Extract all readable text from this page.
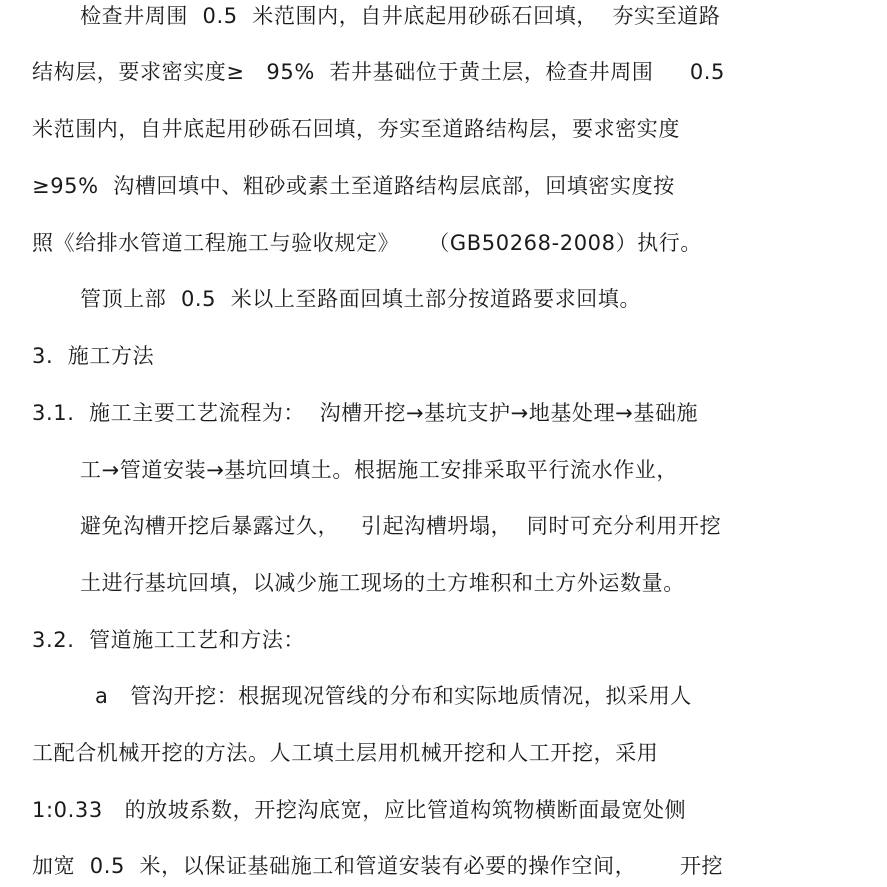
检查井周围  0.5  米范围内，自井底起用砂砾石回填，  夯实至道路
结构层，要求密实度≥   95%  若井基础位于黄土层，检查井周围     0.5
米范围内，自井底起用砂砾石回填，夯实至道路结构层，要求密实度
≥95%  沟槽回填中、粗砂或素土至道路结构层底部，回填密实度按
照《给排水管道工程施工与验收规定》    （GB50268-2008）执行。
管顶上部  0.5  米以上至路面回填土部分按道路要求回填。
3.  施工方法
3.1.  施工主要工艺流程为：  沟槽开挖→基坑支护→地基处理→基础施
工→管道安装→基坑回填土。根据施工安排采取平行流水作业，
避免沟槽开挖后暴露过久，   引起沟槽坍塌，  同时可充分利用开挖
土进行基坑回填，以减少施工现场的土方堆积和土方外运数量。
3.2.  管道施工工艺和方法：
a   管沟开挖：根据现况管线的分布和实际地质情况，拟采用人
工配合机械开挖的方法。人工填土层用机械开挖和人工开挖，采用
1:0.33   的放坡系数，开挖沟底宽，应比管道构筑物横断面最宽处侧
加宽  0.5  米，以保证基础施工和管道安装有必要的操作空间，      开挖
